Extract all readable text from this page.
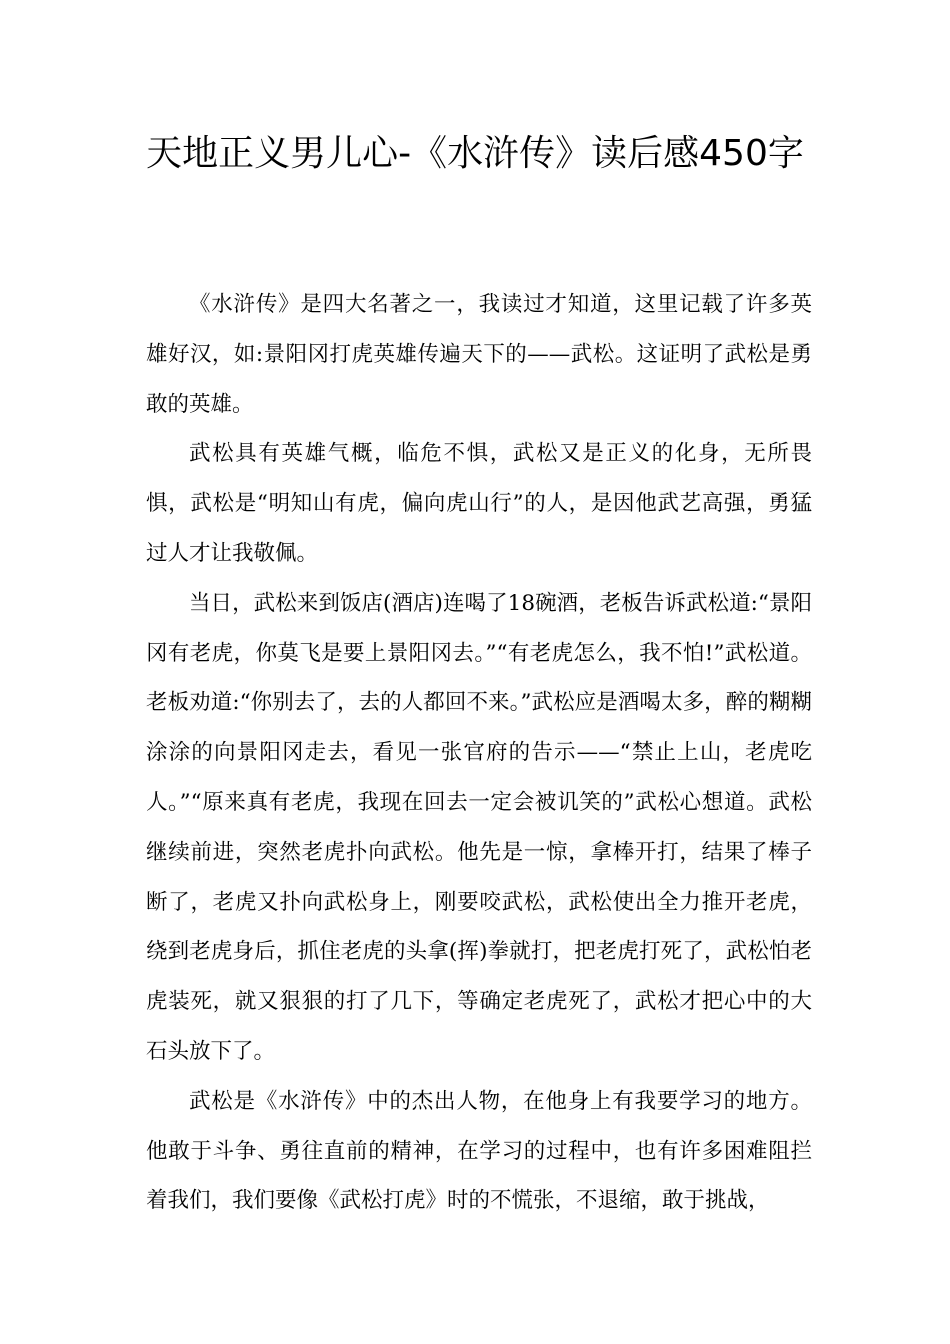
天地正义男儿心-《水浒传》读后感450字

《水浒传》是四大名著之一，我读过才知道，这里记载了许多英雄好汉，如:景阳冈打虎英雄传遍天下的——武松。这证明了武松是勇敢的英雄。

武松具有英雄气概，临危不惧，武松又是正义的化身，无所畏惧，武松是“明知山有虎，偏向虎山行”的人，是因他武艺高强，勇猛过人才让我敬佩。

当日，武松来到饭店(酒店)连喝了18碗酒，老板告诉武松道:“景阳冈有老虎，你莫飞是要上景阳冈去。”“有老虎怎么，我不怕!”武松道。老板劝道:“你别去了，去的人都回不来。”武松应是酒喝太多，醉的糊糊涂涂的向景阳冈走去，看见一张官府的告示——“禁止上山，老虎吃人。”“原来真有老虎，我现在回去一定会被讥笑的”武松心想道。武松继续前进，突然老虎扑向武松。他先是一惊，拿棒开打，结果了棒子断了，老虎又扑向武松身上，刚要咬武松，武松使出全力推开老虎，绕到老虎身后，抓住老虎的头拿(挥)拳就打，把老虎打死了，武松怕老虎装死，就又狠狠的打了几下，等确定老虎死了，武松才把心中的大石头放下了。

武松是《水浒传》中的杰出人物，在他身上有我要学习的地方。他敢于斗争、勇往直前的精神，在学习的过程中，也有许多困难阻拦着我们，我们要像《武松打虎》时的不慌张，不退缩，敢于挑战，
